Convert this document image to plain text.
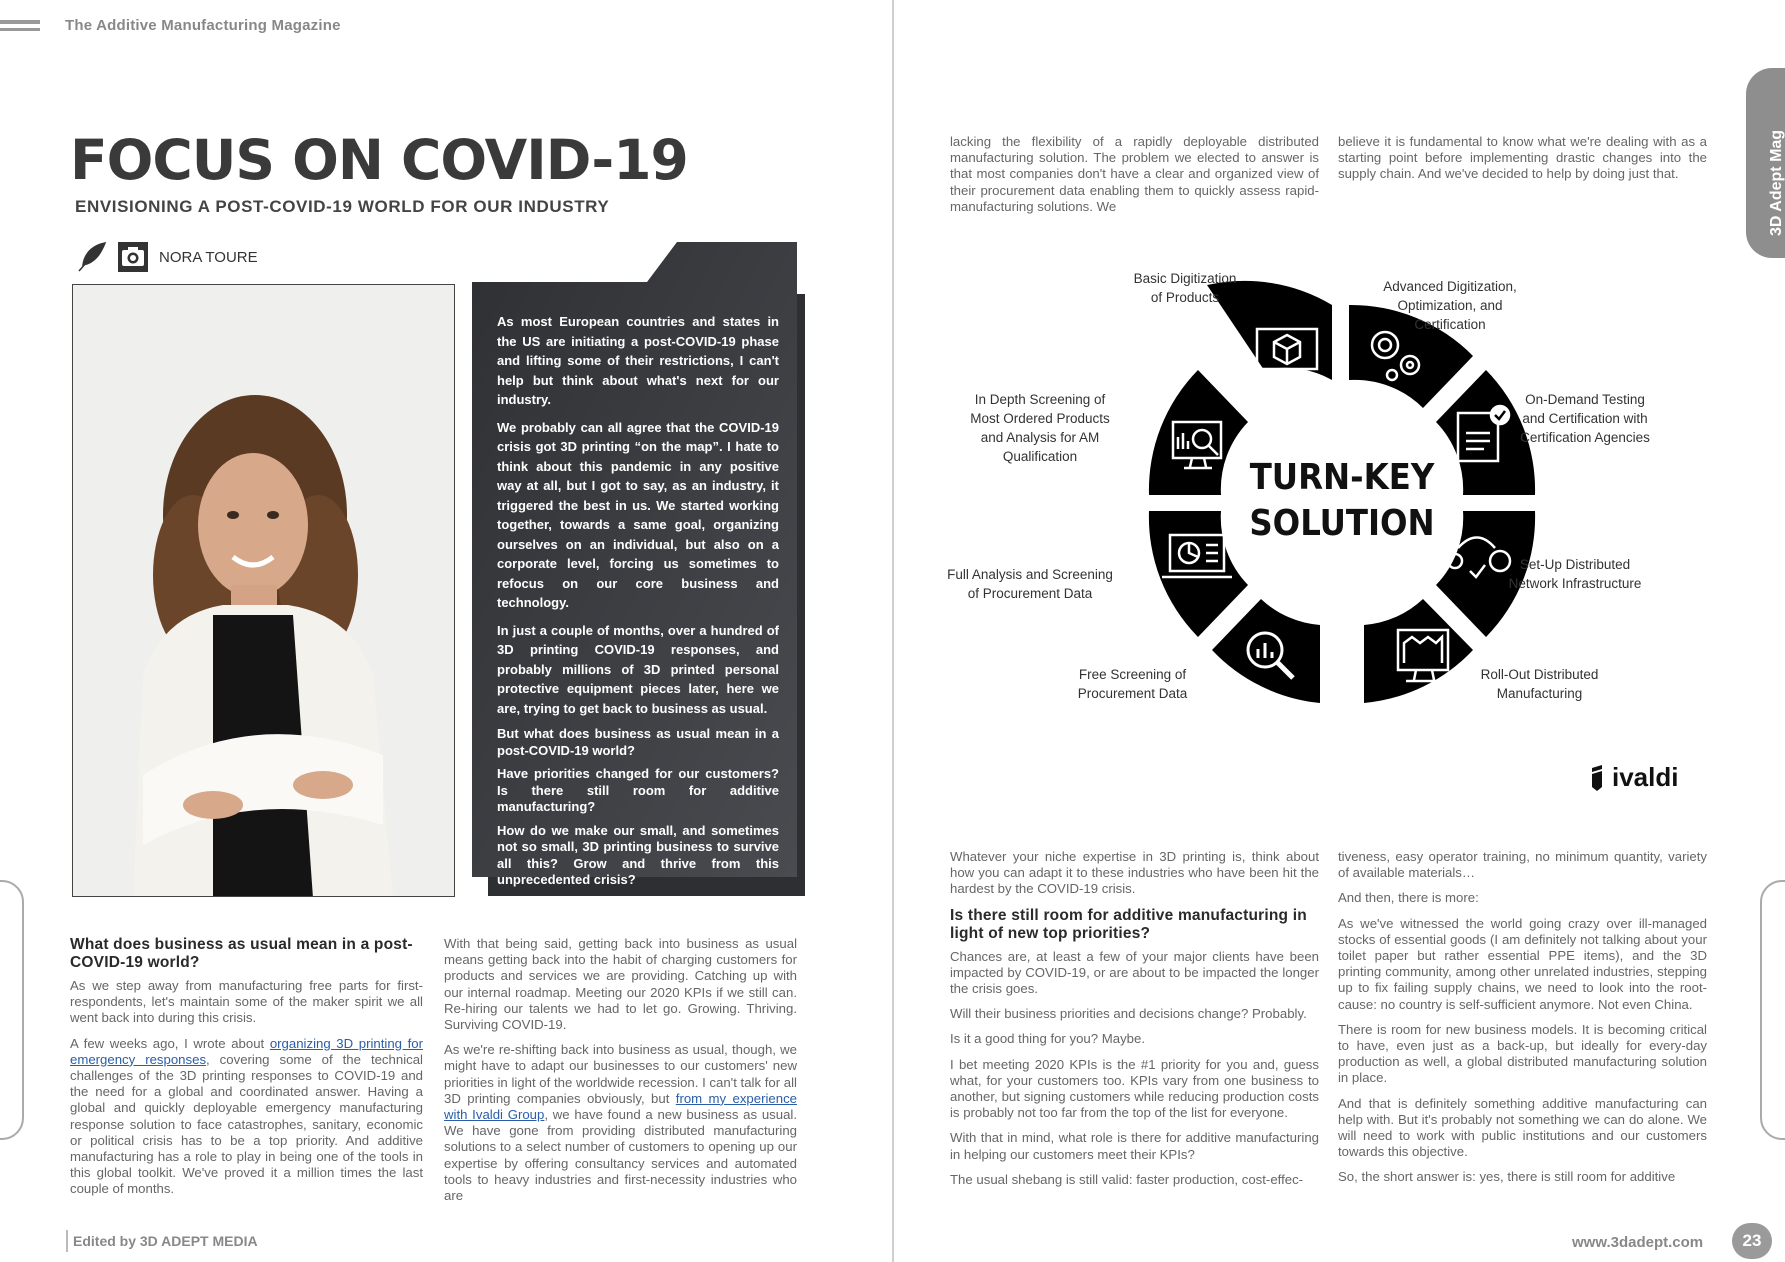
The Additive Manufacturing Magazine
FOCUS ON COVID-19
ENVISIONING A POST-COVID-19 WORLD FOR OUR INDUSTRY
NORA TOURE

As most European countries and states in the US are initiating a post-COVID-19 phase and lifting some of their restrictions, I can't help but think about what's next for our industry.

We probably can all agree that the COVID-19 crisis got 3D printing “on the map”. I hate to think about this pandemic in any positive way at all, but I got to say, as an industry, it triggered the best in us. We started working together, towards a same goal, organizing ourselves on an individual, but also on a corporate level, forcing us sometimes to refocus on our core business and technology.

In just a couple of months, over a hundred of 3D printing COVID-19 responses, and probably millions of 3D printed personal protective equipment pieces later, here we are, trying to get back to business as usual.

But what does business as usual mean in a post-COVID-19 world?

Have priorities changed for our customers? Is there still room for additive manufacturing?

How do we make our small, and sometimes not so small, 3D printing business to survive all this? Grow and thrive from this unprecedented crisis?

What does business as usual mean in a post-COVID-19 world?

As we step away from manufacturing free parts for first-respondents, let's maintain some of the maker spirit we all went back into during this crisis.

A few weeks ago, I wrote about organizing 3D printing for emergency responses, covering some of the technical challenges of the 3D printing responses to COVID-19 and the need for a global and coordinated answer. Having a global and quickly deployable emergency manufacturing response solution to face catastrophes, sanitary, economic or political crisis has to be a top priority. And additive manufacturing has a role to play in being one of the tools in this global toolkit. We've proved it a million times the last couple of months.

With that being said, getting back into business as usual means getting back into the habit of charging customers for products and services we are providing. Catching up with our internal roadmap. Meeting our 2020 KPIs if we still can. Re-hiring our talents we had to let go. Growing. Thriving. Surviving COVID-19.

As we're re-shifting back into business as usual, though, we might have to adapt our businesses to our customers' new priorities in light of the worldwide recession. I can't talk for all 3D printing companies obviously, but from my experience with Ivaldi Group, we have found a new business as usual. We have gone from providing distributed manufacturing solutions to a select number of customers to opening up our expertise by offering consultancy services and automated tools to heavy industries and first-necessity industries who are

lacking the flexibility of a rapidly deployable distributed manufacturing solution. The problem we elected to answer is that most companies don't have a clear and organized view of their procurement data enabling them to quickly assess rapid-manufacturing solutions. We

believe it is fundamental to know what we're dealing with as a starting point before implementing drastic changes into the supply chain. And we've decided to help by doing just that.

TURN-KEY
SOLUTION
Basic Digitization
of Products
Advanced Digitization,
Optimization, and
Certification
In Depth Screening of
Most Ordered Products
and Analysis for AM
Qualification
On-Demand Testing
and Certification with
Certification Agencies
Full Analysis and Screening
of Procurement Data
Set-Up Distributed
Network Infrastructure
Free Screening of
Procurement Data
Roll-Out Distributed
Manufacturing
ivaldi

Whatever your niche expertise in 3D printing is, think about how you can adapt it to these industries who have been hit the hardest by the COVID-19 crisis.

Is there still room for additive manufacturing in light of new top priorities?

Chances are, at least a few of your major clients have been impacted by COVID-19, or are about to be impacted the longer the crisis goes.

Will their business priorities and decisions change? Probably.

Is it a good thing for you? Maybe.

I bet meeting 2020 KPIs is the #1 priority for you and, guess what, for your customers too. KPIs vary from one business to another, but signing customers while reducing production costs is probably not too far from the top of the list for everyone.

With that in mind, what role is there for additive manufacturing in helping our customers meet their KPIs?

The usual shebang is still valid: faster production, cost-effec-

tiveness, easy operator training, no minimum quantity, variety of available materials…

And then, there is more:

As we've witnessed the world going crazy over ill-managed stocks of essential goods (I am definitely not talking about your toilet paper but rather essential PPE items), and the 3D printing community, among other unrelated industries, stepping up to fix failing supply chains, we need to look into the root-cause: no country is self-sufficient anymore. Not even China.

There is room for new business models. It is becoming critical to have, even just as a back-up, but ideally for every-day production as well, a global distributed manufacturing solution in place.

And that is definitely something additive manufacturing can help with. But it's probably not something we can do alone. We will need to work with public institutions and our customers towards this objective.

So, the short answer is: yes, there is still room for additive

3D Adept Mag
Edited by 3D ADEPT MEDIA	www.3dadept.com	23
